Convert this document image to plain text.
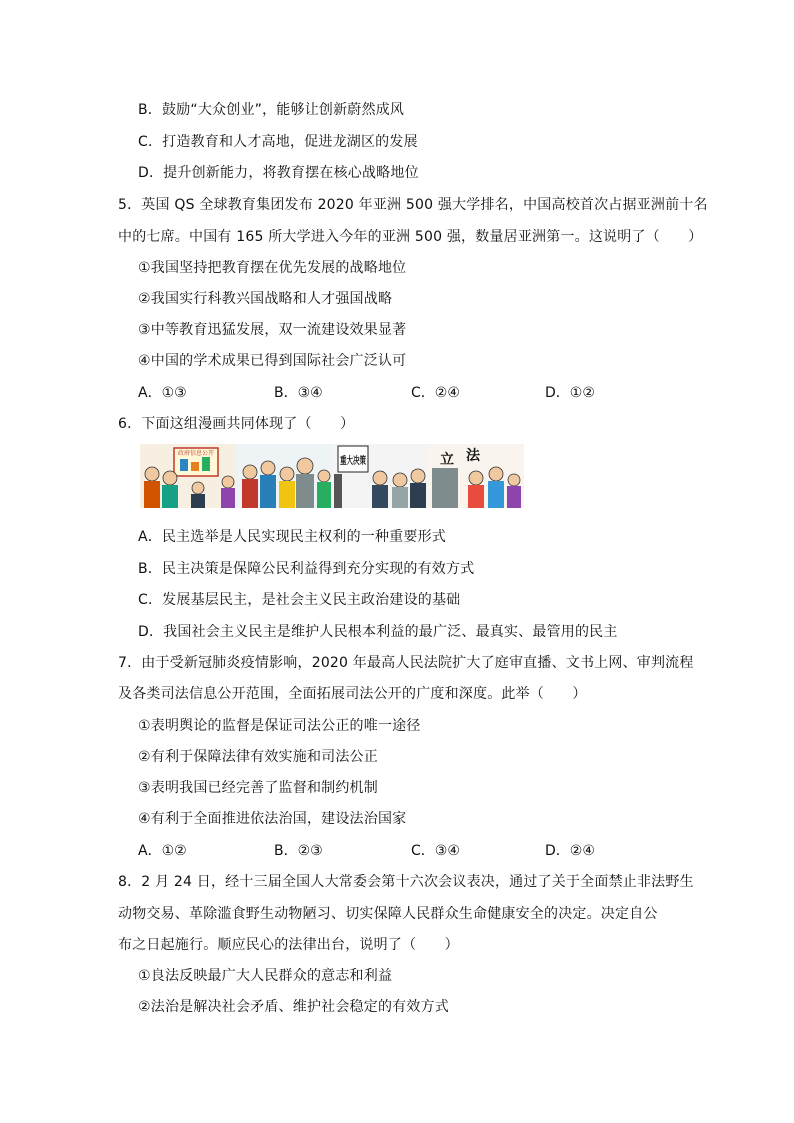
B．鼓励“大众创业”，能够让创新蔚然成风
C．打造教育和人才高地，促进龙湖区的发展
D．提升创新能力，将教育摆在核心战略地位
5．英国 QS 全球教育集团发布 2020 年亚洲 500 强大学排名，中国高校首次占据亚洲前十名
中的七席。中国有 165 所大学进入今年的亚洲 500 强，数量居亚洲第一。这说明了（　　）
①我国坚持把教育摆在优先发展的战略地位
②我国实行科教兴国战略和人才强国战略
③中等教育迅猛发展，双一流建设效果显著
④中国的学术成果已得到国际社会广泛认可
A．①③	B．③④	C．②④	D．①②
6．下面这组漫画共同体现了（　　）
政府信息公开
重大决策	立 法
A．民主选举是人民实现民主权利的一种重要形式
B．民主决策是保障公民利益得到充分实现的有效方式
C．发展基层民主，是社会主义民主政治建设的基础
D．我国社会主义民主是维护人民根本利益的最广泛、最真实、最管用的民主
7．由于受新冠肺炎疫情影响，2020 年最高人民法院扩大了庭审直播、文书上网、审判流程
及各类司法信息公开范围，全面拓展司法公开的广度和深度。此举（　　）
①表明舆论的监督是保证司法公正的唯一途径
②有利于保障法律有效实施和司法公正
③表明我国已经完善了监督和制约机制
④有利于全面推进依法治国，建设法治国家
A．①②	B．②③	C．③④	D．②④
8．2 月 24 日，经十三届全国人大常委会第十六次会议表决，通过了关于全面禁止非法野生
动物交易、革除滥食野生动物陋习、切实保障人民群众生命健康安全的决定。决定自公
布之日起施行。顺应民心的法律出台，说明了（　　）
①良法反映最广大人民群众的意志和利益
②法治是解决社会矛盾、维护社会稳定的有效方式
